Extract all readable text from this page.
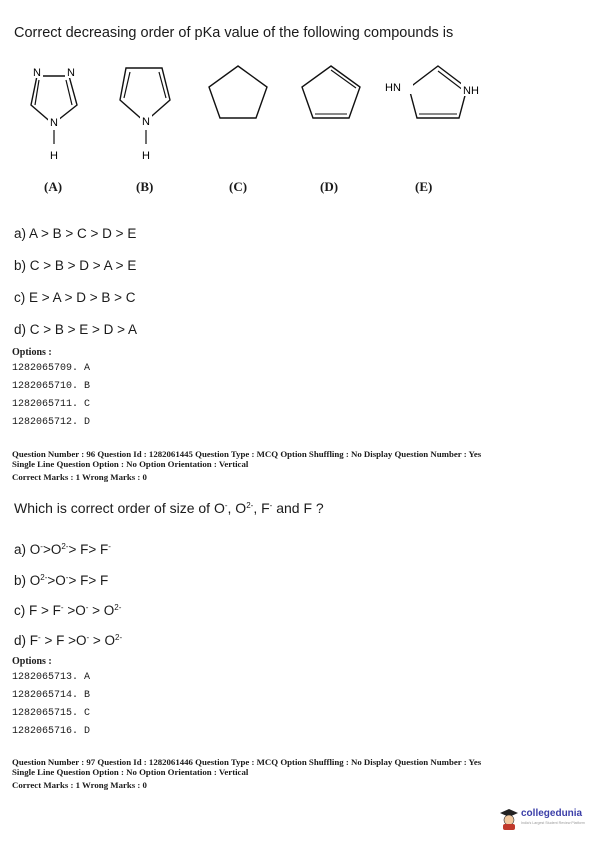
Correct decreasing order of pKa value of the following compounds is
N N
N
H
N
H
HN	NH
(A)	(B)	(C)	(D)	(E)
a) A > B > C > D > E
b) C > B > D > A > E
c) E > A > D > B > C
d) C > B > E > D > A
Options :
1282065709. A
1282065710. B
1282065711. C
1282065712. D
Question Number : 96 Question Id : 1282061445 Question Type : MCQ Option Shuffling : No Display Question Number : Yes
Single Line Question Option : No Option Orientation : Vertical
Correct Marks : 1 Wrong Marks : 0
Which is correct order of size of O-, $O^{2-}$, F- and F ?
a) $O^->O^{2-}> F> F^-$
b) $O^{2-}>O^-> F> F$
c) $F > F^- >O^- > O^{2-}$
d) $F^- > F >O^- > O^{2-}$
Options :
1282065713. A
1282065714. B
1282065715. C
1282065716. D
Question Number : 97 Question Id : 1282061446 Question Type : MCQ Option Shuffling : No Display Question Number : Yes
Single Line Question Option : No Option Orientation : Vertical
Correct Marks : 1 Wrong Marks : 0
collegedunia
India's Largest Student Review Platform
